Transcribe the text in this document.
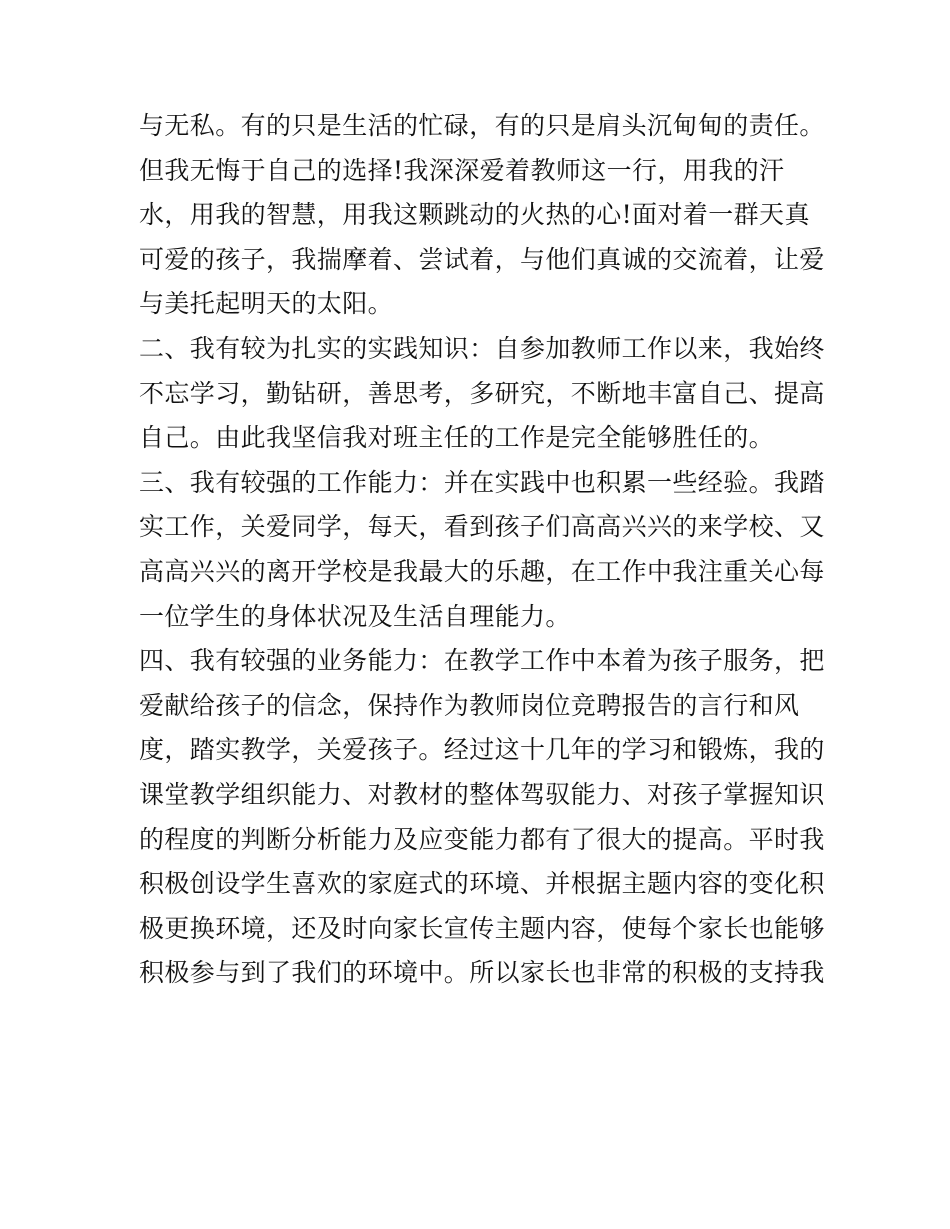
与无私。有的只是生活的忙碌，有的只是肩头沉甸甸的责任。
但我无悔于自己的选择!我深深爱着教师这一行，用我的汗
水，用我的智慧，用我这颗跳动的火热的心!面对着一群天真
可爱的孩子，我揣摩着、尝试着，与他们真诚的交流着，让爱
与美托起明天的太阳。
二、我有较为扎实的实践知识：自参加教师工作以来，我始终
不忘学习，勤钻研，善思考，多研究，不断地丰富自己、提高
自己。由此我坚信我对班主任的工作是完全能够胜任的。
三、我有较强的工作能力：并在实践中也积累一些经验。我踏
实工作，关爱同学，每天，看到孩子们高高兴兴的来学校、又
高高兴兴的离开学校是我最大的乐趣，在工作中我注重关心每
一位学生的身体状况及生活自理能力。
四、我有较强的业务能力：在教学工作中本着为孩子服务，把
爱献给孩子的信念，保持作为教师岗位竞聘报告的言行和风
度，踏实教学，关爱孩子。经过这十几年的学习和锻炼，我的
课堂教学组织能力、对教材的整体驾驭能力、对孩子掌握知识
的程度的判断分析能力及应变能力都有了很大的提高。平时我
积极创设学生喜欢的家庭式的环境、并根据主题内容的变化积
极更换环境，还及时向家长宣传主题内容，使每个家长也能够
积极参与到了我们的环境中。所以家长也非常的积极的支持我
